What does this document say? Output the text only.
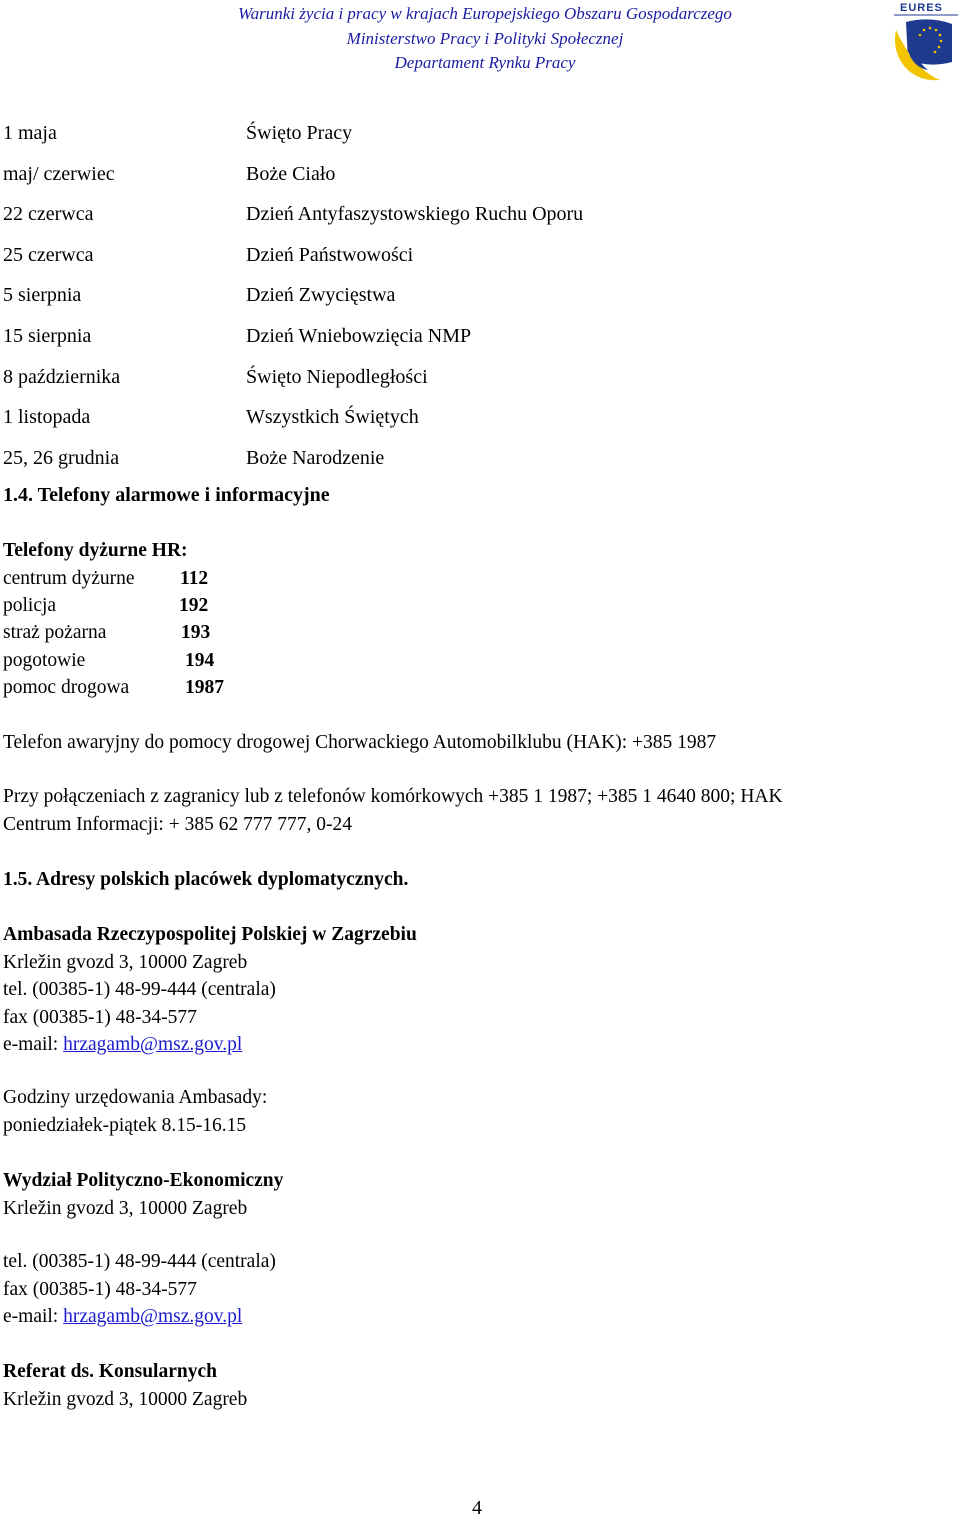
Warunki życia i pracy w krajach Europejskiego Obszaru Gospodarczego
Ministerstwo Pracy i Polityki Społecznej
Departament Rynku Pracy
EURES
1 maja	Święto Pracy
maj/ czerwiec	Boże Ciało
22 czerwca	Dzień Antyfaszystowskiego Ruchu Oporu
25 czerwca	Dzień Państwowości
5 sierpnia	Dzień Zwycięstwa
15 sierpnia	Dzień Wniebowzięcia NMP
8 października	Święto Niepodległości
1 listopada	Wszystkich Świętych
25, 26 grudnia	Boże Narodzenie
1.4. Telefony alarmowe i informacyjne
Telefony dyżurne HR:
centrum dyżurne 112
policja	192
straż pożarna	193
pogotowie	194
pomoc drogowa	1987
Telefon awaryjny do pomocy drogowej Chorwackiego Automobilklubu (HAK): +385 1987
Przy połączeniach z zagranicy lub z telefonów komórkowych +385 1 1987; +385 1 4640 800; HAK
Centrum Informacji: + 385 62 777 777, 0-24
1.5. Adresy polskich placówek dyplomatycznych.
Ambasada Rzeczypospolitej Polskiej w Zagrzebiu
Krležin gvozd 3, 10000 Zagreb
tel. (00385-1) 48-99-444 (centrala)
fax (00385-1) 48-34-577
e-mail: hrzagamb@msz.gov.pl
Godziny urzędowania Ambasady:
poniedziałek-piątek 8.15-16.15
Wydział Polityczno-Ekonomiczny
Krležin gvozd 3, 10000 Zagreb
tel. (00385-1) 48-99-444 (centrala)
fax (00385-1) 48-34-577
e-mail: hrzagamb@msz.gov.pl
Referat ds. Konsularnych
Krležin gvozd 3, 10000 Zagreb
4
